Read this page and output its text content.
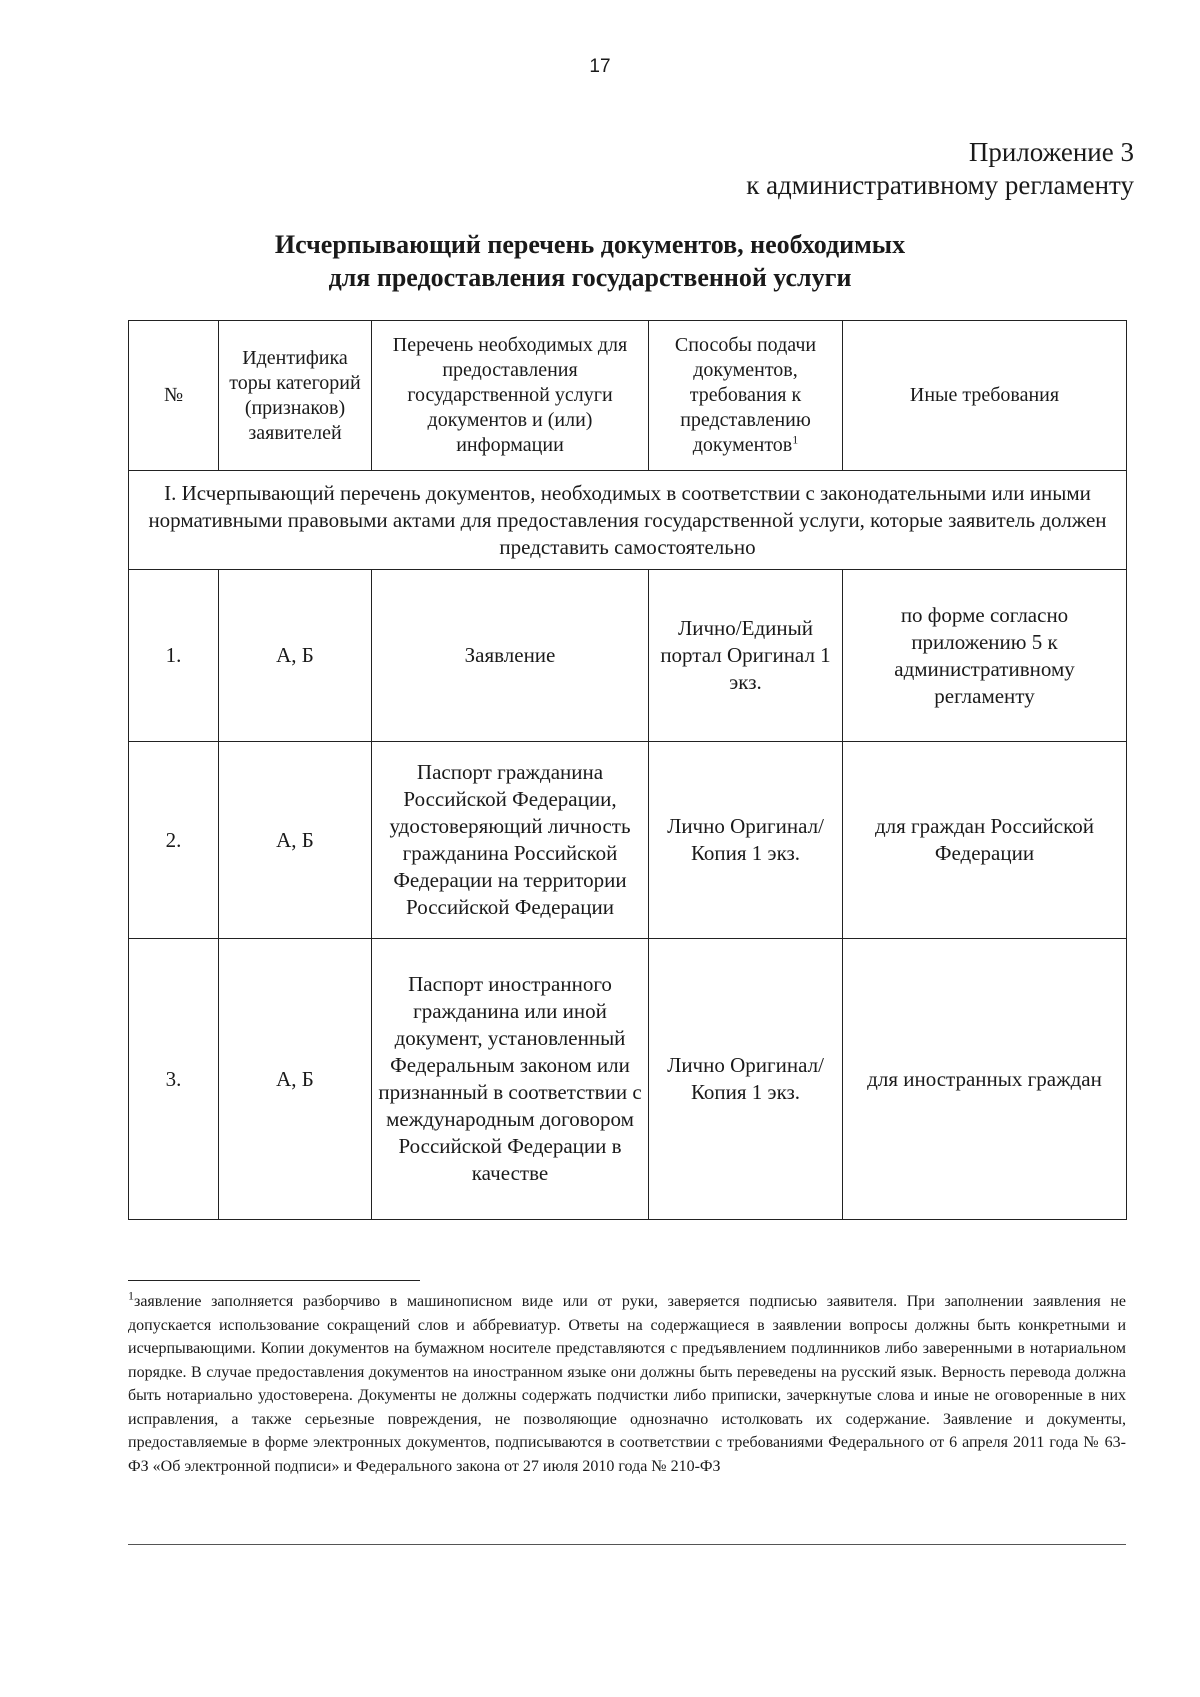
17
Приложение 3
к административному регламенту
Исчерпывающий перечень документов, необходимых
для предоставления государственной услуги
№	Идентифика торы категорий (признаков) заявителей	Перечень необходимых для предоставления государственной услуги документов и (или) информации	Способы подачи документов, требования к представлению документов$^1$	Иные требования
I. Исчерпывающий перечень документов, необходимых в соответствии с законодательными или иными нормативными правовыми актами для предоставления государственной услуги, которые заявитель должен представить самостоятельно				
1.	А, Б	Заявление	Лично/Единый портал Оригинал 1 экз.	по форме согласно приложению 5 к административному регламенту
2.	А, Б	Паспорт гражданина Российской Федерации, удостоверяющий личность гражданина Российской Федерации на территории Российской Федерации	Лично Оригинал/Копия 1 экз.	для граждан Российской Федерации
3.	А, Б	Паспорт иностранного гражданина или иной документ, установленный Федеральным законом или признанный в соответствии с международным договором Российской Федерации в качестве	Лично Оригинал/Копия 1 экз.	для иностранных граждан
$^1$заявление заполняется разборчиво в машинописном виде или от руки, заверяется подписью заявителя. При заполнении заявления не допускается использование сокращений слов и аббревиатур. Ответы на содержащиеся в заявлении вопросы должны быть конкретными и исчерпывающими. Копии документов на бумажном носителе представляются с предъявлением подлинников либо заверенными в нотариальном порядке. В случае предоставления документов на иностранном языке они должны быть переведены на русский язык. Верность перевода должна быть нотариально удостоверена. Документы не должны содержать подчистки либо приписки, зачеркнутые слова и иные не оговоренные в них исправления, а также серьезные повреждения, не позволяющие однозначно истолковать их содержание. Заявление и документы, предоставляемые в форме электронных документов, подписываются в соответствии с требованиями Федерального от 6 апреля 2011 года № 63-ФЗ «Об электронной подписи» и Федерального закона от 27 июля 2010 года № 210-ФЗ
